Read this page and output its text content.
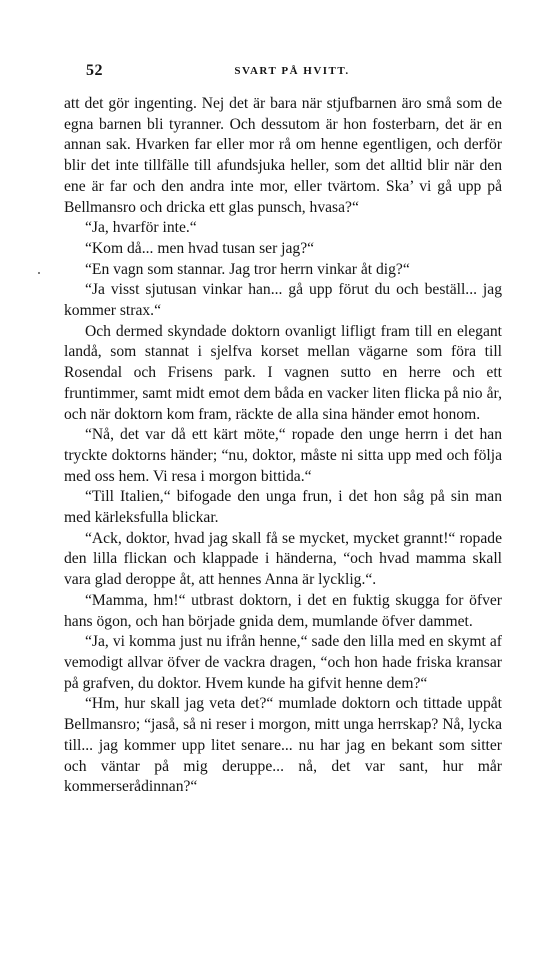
52	SVART PÅ HVITT.

att det gör ingenting. Nej det är bara när stjufbarnen äro små som de egna barnen bli tyranner. Och dessutom är hon fosterbarn, det är en annan sak. Hvarken far eller mor rå om henne egentligen, och derför blir det inte tillfälle till afundsjuka heller, som det alltid blir när den ene är far och den andra inte mor, eller tvärtom. Ska’ vi gå upp på Bellmansro och dricka ett glas punsch, hvasa?“

“Ja, hvarför inte.“

“Kom då... men hvad tusan ser jag?“

“En vagn som stannar. Jag tror herrn vinkar åt dig?“

“Ja visst sjutusan vinkar han... gå upp förut du och beställ... jag kommer strax.“

Och dermed skyndade doktorn ovanligt lifligt fram till en elegant landå, som stannat i sjelfva korset mellan vägarne som föra till Rosendal och Frisens park. I vagnen sutto en herre och ett fruntimmer, samt midt emot dem båda en vacker liten flicka på nio år, och när doktorn kom fram, räckte de alla sina händer emot honom.

“Nå, det var då ett kärt möte,“ ropade den unge herrn i det han tryckte doktorns händer; “nu, doktor, måste ni sitta upp med och följa med oss hem. Vi resa i morgon bittida.“

“Till Italien,“ bifogade den unga frun, i det hon såg på sin man med kärleksfulla blickar.

“Ack, doktor, hvad jag skall få se mycket, mycket grannt!“ ropade den lilla flickan och klappade i händerna, “och hvad mamma skall vara glad deroppe åt, att hennes Anna är lycklig.“.

“Mamma, hm!“ utbrast doktorn, i det en fuktig skugga for öfver hans ögon, och han började gnida dem, mumlande öfver dammet.

“Ja, vi komma just nu ifrån henne,“ sade den lilla med en skymt af vemodigt allvar öfver de vackra dragen, “och hon hade friska kransar på grafven, du doktor. Hvem kunde ha gifvit henne dem?“

“Hm, hur skall jag veta det?“ mumlade doktorn och tittade uppåt Bellmansro; “jaså, så ni reser i morgon, mitt unga herrskap? Nå, lycka till... jag kommer upp litet senare... nu har jag en bekant som sitter och väntar på mig deruppe... nå, det var sant, hur mår kommerserådinnan?“
